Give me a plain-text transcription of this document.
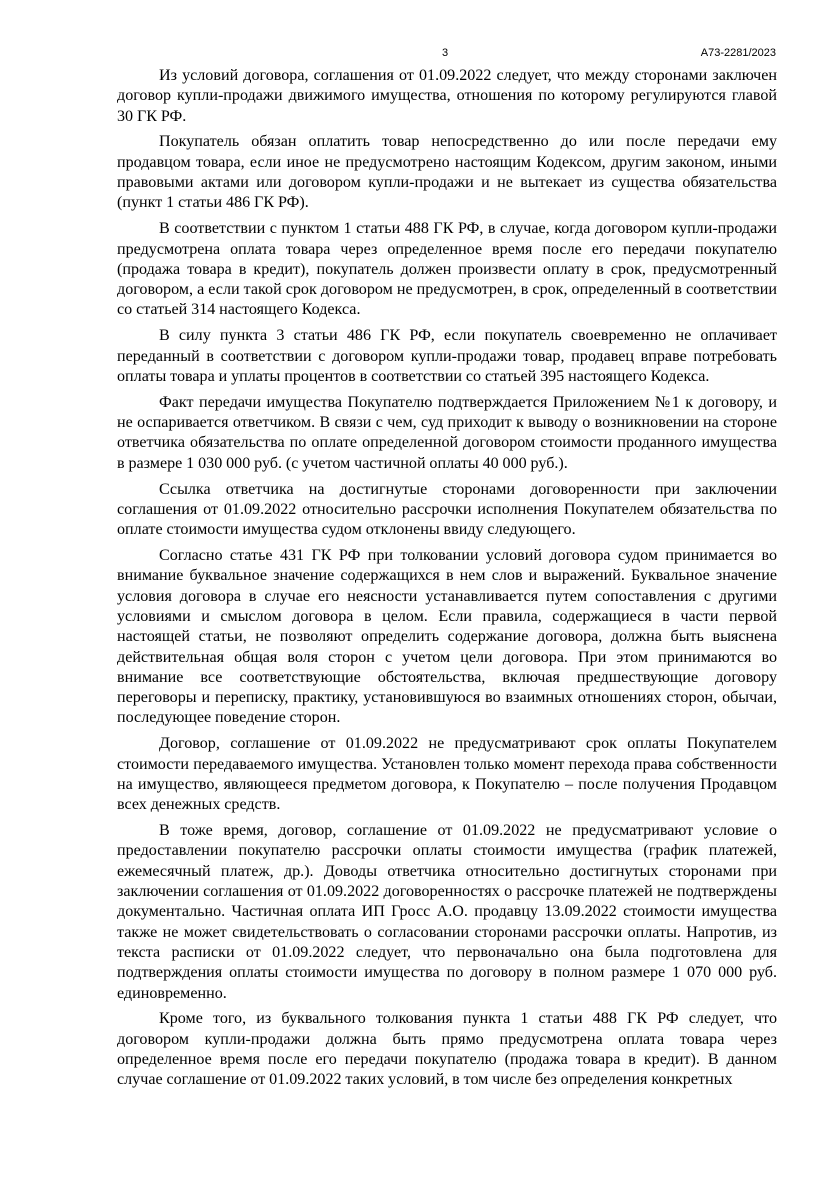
3	А73-2281/2023

Из условий договора, соглашения от 01.09.2022 следует, что между сторонами заключен договор купли-продажи движимого имущества, отношения по которому регулируются главой 30 ГК РФ.

Покупатель обязан оплатить товар непосредственно до или после передачи ему продавцом товара, если иное не предусмотрено настоящим Кодексом, другим законом, иными правовыми актами или договором купли-продажи и не вытекает из существа обязательства (пункт 1 статьи 486 ГК РФ).

В соответствии с пунктом 1 статьи 488 ГК РФ, в случае, когда договором купли-продажи предусмотрена оплата товара через определенное время после его передачи покупателю (продажа товара в кредит), покупатель должен произвести оплату в срок, предусмотренный договором, а если такой срок договором не предусмотрен, в срок, определенный в соответствии со статьей 314 настоящего Кодекса.

В силу пункта 3 статьи 486 ГК РФ, если покупатель своевременно не оплачивает переданный в соответствии с договором купли-продажи товар, продавец вправе потребовать оплаты товара и уплаты процентов в соответствии со статьей 395 настоящего Кодекса.

Факт передачи имущества Покупателю подтверждается Приложением №1 к договору, и не оспаривается ответчиком. В связи с чем, суд приходит к выводу о возникновении на стороне ответчика обязательства по оплате определенной договором стоимости проданного имущества в размере 1 030 000 руб. (с учетом частичной оплаты 40 000 руб.).

Ссылка ответчика на достигнутые сторонами договоренности при заключении соглашения от 01.09.2022 относительно рассрочки исполнения Покупателем обязательства по оплате стоимости имущества судом отклонены ввиду следующего.

Согласно статье 431 ГК РФ при толковании условий договора судом принимается во внимание буквальное значение содержащихся в нем слов и выражений. Буквальное значение условия договора в случае его неясности устанавливается путем сопоставления с другими условиями и смыслом договора в целом. Если правила, содержащиеся в части первой настоящей статьи, не позволяют определить содержание договора, должна быть выяснена действительная общая воля сторон с учетом цели договора. При этом принимаются во внимание все соответствующие обстоятельства, включая предшествующие договору переговоры и переписку, практику, установившуюся во взаимных отношениях сторон, обычаи, последующее поведение сторон.

Договор, соглашение от 01.09.2022 не предусматривают срок оплаты Покупателем стоимости передаваемого имущества. Установлен только момент перехода права собственности на имущество, являющееся предметом договора, к Покупателю – после получения Продавцом всех денежных средств.

В тоже время, договор, соглашение от 01.09.2022 не предусматривают условие о предоставлении покупателю рассрочки оплаты стоимости имущества (график платежей, ежемесячный платеж, др.). Доводы ответчика относительно достигнутых сторонами при заключении соглашения от 01.09.2022 договоренностях о рассрочке платежей не подтверждены документально. Частичная оплата ИП Гросс А.О. продавцу 13.09.2022 стоимости имущества также не может свидетельствовать о согласовании сторонами рассрочки оплаты. Напротив, из текста расписки от 01.09.2022 следует, что первоначально она была подготовлена для подтверждения оплаты стоимости имущества по договору в полном размере 1 070 000 руб. единовременно.

Кроме того, из буквального толкования пункта 1 статьи 488 ГК РФ следует, что договором купли-продажи должна быть прямо предусмотрена оплата товара через определенное время после его передачи покупателю (продажа товара в кредит). В данном случае соглашение от 01.09.2022 таких условий, в том числе без определения конкретных
